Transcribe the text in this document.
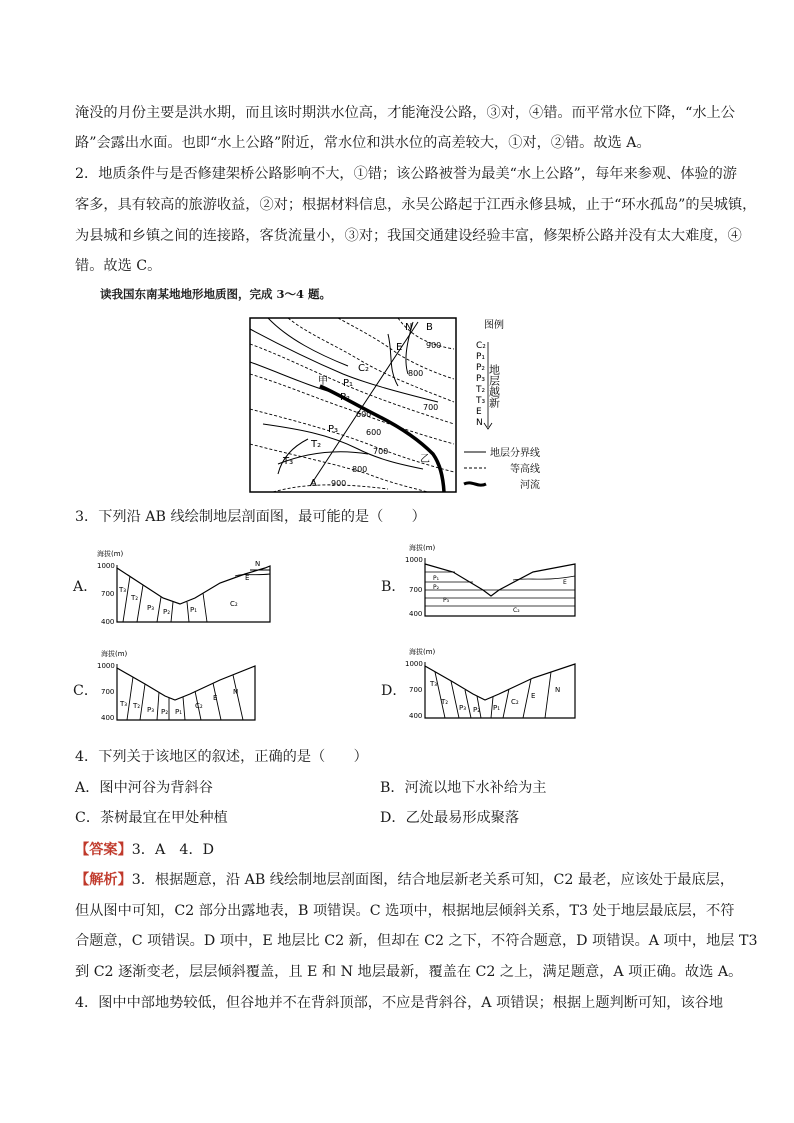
淹没的月份主要是洪水期，而且该时期洪水位高，才能淹没公路，③对，④错。而平常水位下降，“水上公
路”会露出水面。也即“水上公路”附近，常水位和洪水位的高差较大，①对，②错。故选 A。
2．地质条件与是否修建架桥公路影响不大，①错；该公路被誉为最美“水上公路”，每年来参观、体验的游
客多，具有较高的旅游收益，②对；根据材料信息，永吴公路起于江西永修县城，止于“环水孤岛”的吴城镇，
为县城和乡镇之间的连接路，客货流量小，③对；我国交通建设经验丰富，修架桥公路并没有太大难度，④
错。故选 C。
读我国东南某地地形地质图，完成 3～4 题。
A
B
N
E
C₂
P₁
P₂
P₃
T₂
T₃	乙
甲
900
800
700
600
600
700
800
900
图例
C₂
P₁
P₂
P₃
T₂
T₃
E
N
地层越新
地层分界线
等高线
河流
3．下列沿 AB 线绘制地层剖面图，最可能的是（　　）
A．
海拔(m)
1000
700
400
T₃
T₂
P₃ P₂	P₁
C₂
E
N
B．
海拔(m)
1000
700
400
P₁
P₂
P₃
E
C₂
C．
海拔(m)
1000
700
400
T₃ T₂ P₃ P₂ P₁
C₂
E
N	D．
海拔(m)
1000
700
400
T₃
T₂
P₃ P₂ P₁
C₂
E
N
4．下列关于该地区的叙述，正确的是（　　）
A．图中河谷为背斜谷	B．河流以地下水补给为主
C．茶树最宜在甲处种植	D．乙处最易形成聚落
【答案】3．A　4．D
【解析】3．根据题意，沿 AB 线绘制地层剖面图，结合地层新老关系可知，C2 最老，应该处于最底层，
但从图中可知，C2 部分出露地表，B 项错误。C 选项中，根据地层倾斜关系，T3 处于地层最底层，不符
合题意，C 项错误。D 项中，E 地层比 C2 新，但却在 C2 之下，不符合题意，D 项错误。A 项中，地层 T3
到 C2 逐渐变老，层层倾斜覆盖，且 E 和 N 地层最新，覆盖在 C2 之上，满足题意，A 项正确。故选 A。
4．图中中部地势较低，但谷地并不在背斜顶部，不应是背斜谷，A 项错误；根据上题判断可知，该谷地
